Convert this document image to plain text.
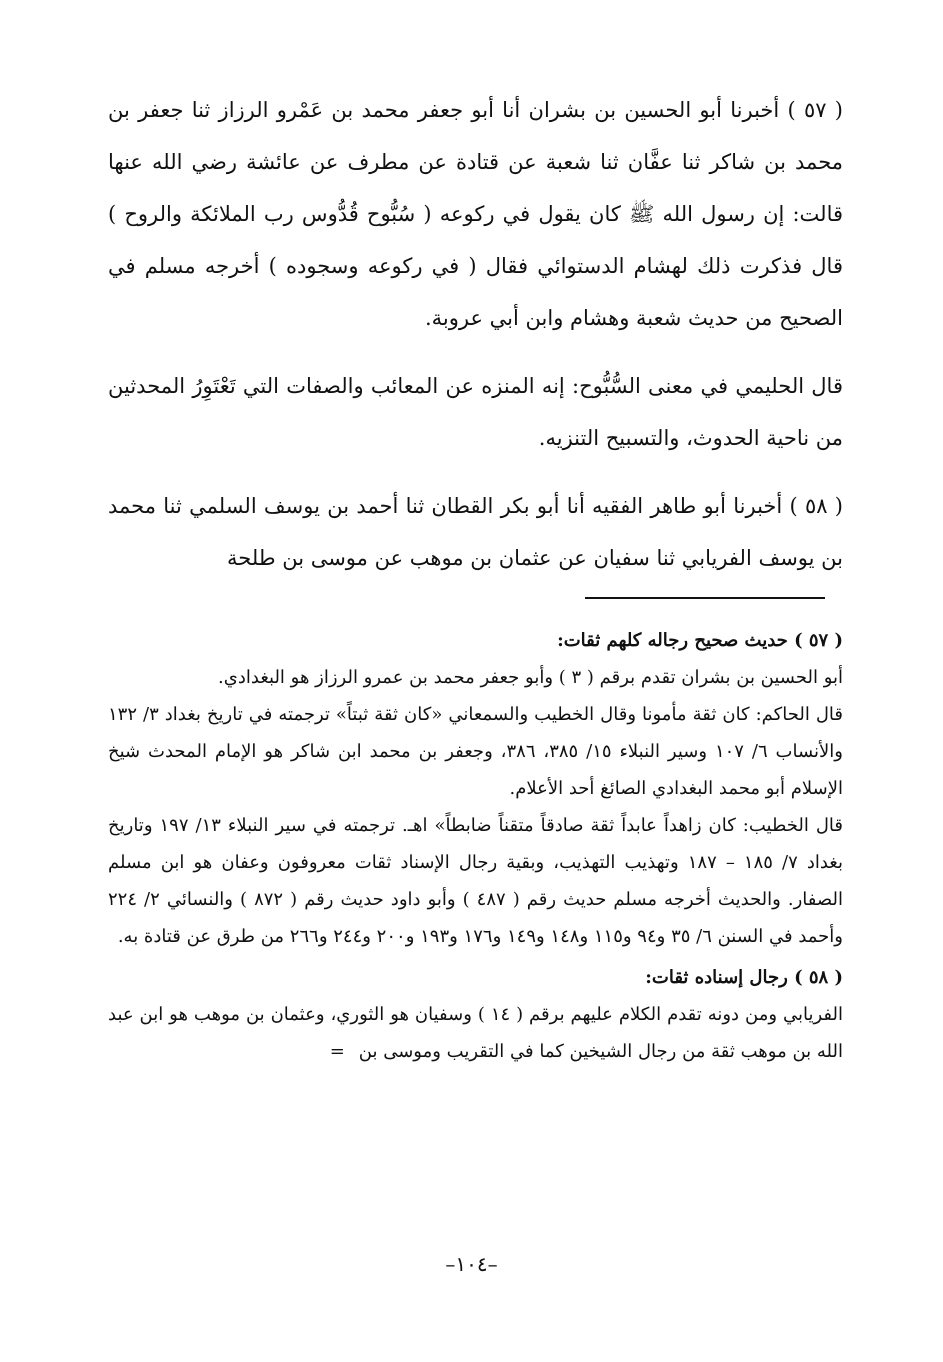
( ٥٧ ) أخبرنا أبو الحسين بن بشران أنا أبو جعفر محمد بن عَمْرو الرزاز ثنا جعفر بن محمد بن شاكر ثنا عفَّان ثنا شعبة عن قتادة عن مطرف عن عائشة رضي الله عنها قالت: إن رسول الله ﷺ كان يقول في ركوعه ( سُبُّوح قُدُّوس رب الملائكة والروح ) قال فذكرت ذلك لهشام الدستوائي فقال ( في ركوعه وسجوده ) أخرجه مسلم في الصحيح من حديث شعبة وهشام وابن أبي عروبة.

قال الحليمي في معنى السُّبُّوح: إنه المنزه عن المعائب والصفات التي تَعْتَوِرُ المحدثين من ناحية الحدوث، والتسبيح التنزيه.

( ٥٨ ) أخبرنا أبو طاهر الفقيه أنا أبو بكر القطان ثنا أحمد بن يوسف السلمي ثنا محمد بن يوسف الفريابي ثنا سفيان عن عثمان بن موهب عن موسى بن طلحة

( ٥٧ ) حديث صحيح رجاله كلهم ثقات:

أبو الحسين بن بشران تقدم برقم ( ٣ ) وأبو جعفر محمد بن عمرو الرزاز هو البغدادي.

قال الحاكم: كان ثقة مأمونا وقال الخطيب والسمعاني «كان ثقة ثبتاً» ترجمته في تاريخ بغداد ٣/ ١٣٢ والأنساب ٦/ ١٠٧ وسير النبلاء ١٥/ ٣٨٥، ٣٨٦، وجعفر بن محمد ابن شاكر هو الإمام المحدث شيخ الإسلام أبو محمد البغدادي الصائغ أحد الأعلام.

قال الخطيب: كان زاهداً عابداً ثقة صادقاً متقناً ضابطاً» اهـ. ترجمته في سير النبلاء ١٣/ ١٩٧ وتاريخ بغداد ٧/ ١٨٥ – ١٨٧ وتهذيب التهذيب، وبقية رجال الإسناد ثقات معروفون وعفان هو ابن مسلم الصفار. والحديث أخرجه مسلم حديث رقم ( ٤٨٧ ) وأبو داود حديث رقم ( ٨٧٢ ) والنسائي ٢/ ٢٢٤ وأحمد في السنن ٦/ ٣٥ و٩٤ و١١٥ و١٤٨ و١٤٩ و١٧٦ و١٩٣ و٢٠٠ و٢٤٤ و٢٦٦ من طرق عن قتادة به.

( ٥٨ ) رجال إسناده ثقات:

الفريابي ومن دونه تقدم الكلام عليهم برقم ( ١٤ ) وسفيان هو الثوري، وعثمان بن موهب هو ابن عبد الله بن موهب ثقة من رجال الشيخين كما في التقريب وموسى بن=

–١٠٤–
